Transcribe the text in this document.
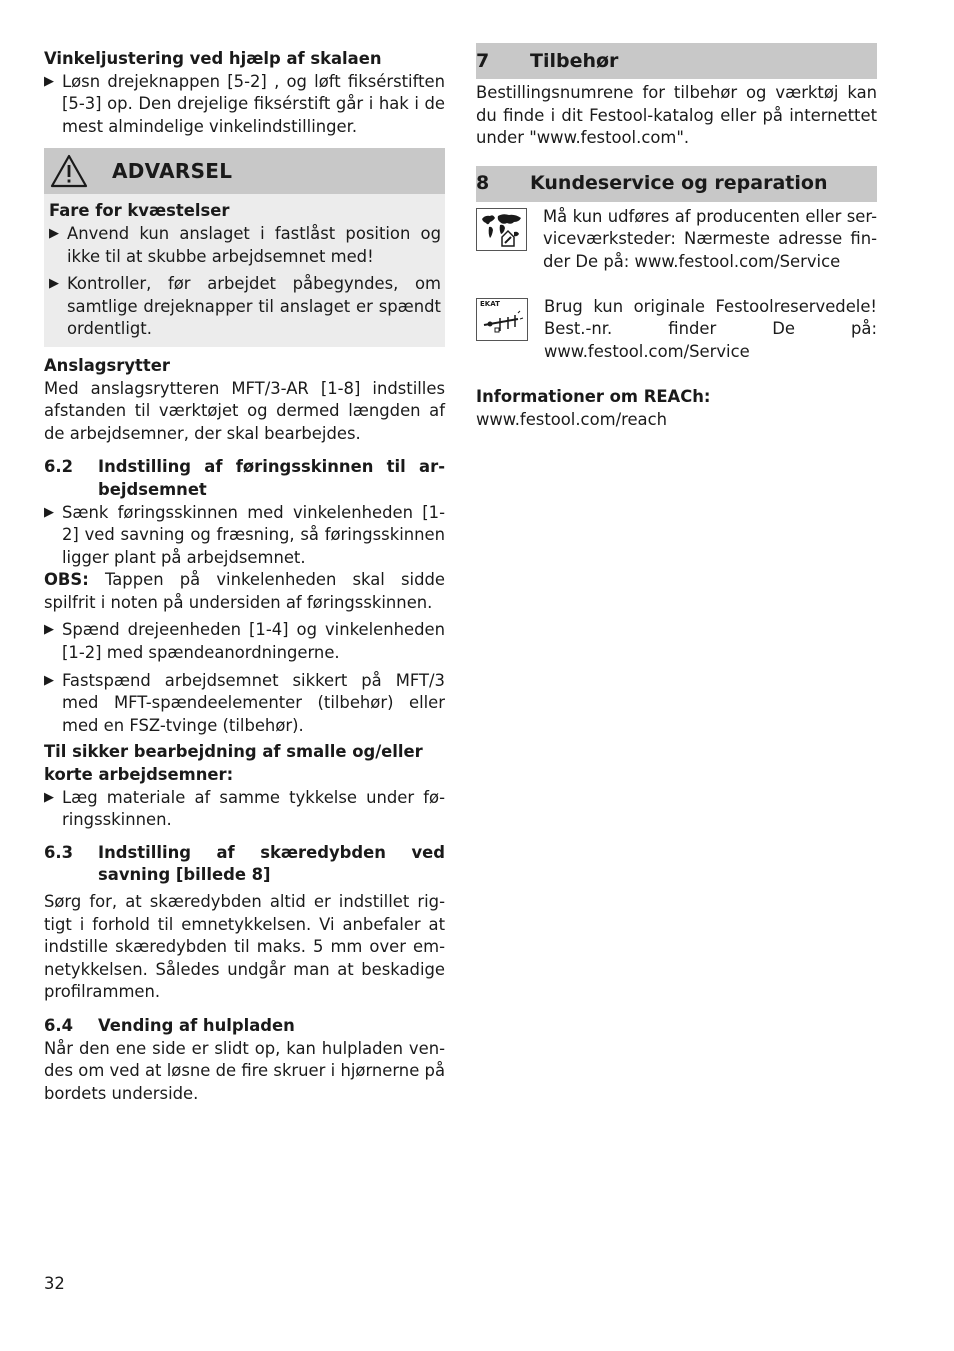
Vinkeljustering ved hjælp af skalaen
▶ Løsn drejeknappen [5-2] , og løft fiksérstiften [5-3] op. Den drejelige fiksérstift går i hak i de mest almindelige vinkelindstillinger.
ADVARSEL
Fare for kvæstelser
▶ Anvend kun anslaget i fastlåst position og ikke til at skubbe arbejdsemnet med!
▶ Kontroller, før arbejdet påbegyndes, om samtlige drejeknapper til anslaget er spændt ordentligt.
Anslagsrytter
Med anslagsrytteren MFT/3-AR [1-8] indstilles afstanden til værktøjet og dermed længden af de arbejdsemner, der skal bearbejdes.
6.2	Indstilling af føringsskinnen til ar-bejdsemnet
▶ Sænk føringsskinnen med vinkelenheden [1-2] ved savning og fræsning, så føringsskinnen ligger plant på arbejdsemnet.
OBS: Tappen på vinkelenheden skal sidde spilfrit i noten på undersiden af føringsskinnen.
▶ Spænd drejeenheden [1-4] og vinkelenheden [1-2] med spændeanordningerne.
▶ Fastspænd arbejdsemnet sikkert på MFT/3 med MFT-spændeelementer (tilbehør) eller med en FSZ-tvinge (tilbehør).
Til sikker bearbejdning af smalle og/eller korte arbejdsemner:
▶ Læg materiale af samme tykkelse under fø-ringsskinnen.
6.3	Indstilling af skæredybden ved savning [billede 8]
Sørg for, at skæredybden altid er indstillet rig-tigt i forhold til emnetykkelsen. Vi anbefaler at indstille skæredybden til maks. 5 mm over em-netykkelsen. Således undgår man at beskadige profilrammen.
6.4	Vending af hulpladen
Når den ene side er slidt op, kan hulpladen ven-des om ved at løsne de fire skruer i hjørnerne på bordets underside.
7	Tilbehør
Bestillingsnumrene for tilbehør og værktøj kan du finde i dit Festool-katalog eller på internettet under "www.festool.com".
8	Kundeservice og reparation
Må kun udføres af producenten eller ser-viceværksteder: Nærmeste adresse fin-der De på: www.festool.com/Service
EKAT	Brug kun originale Festoolreservedele! Best.-nr. finder De på: www.festool.com/Service
Informationer om REACh:
www.festool.com/reach
32
